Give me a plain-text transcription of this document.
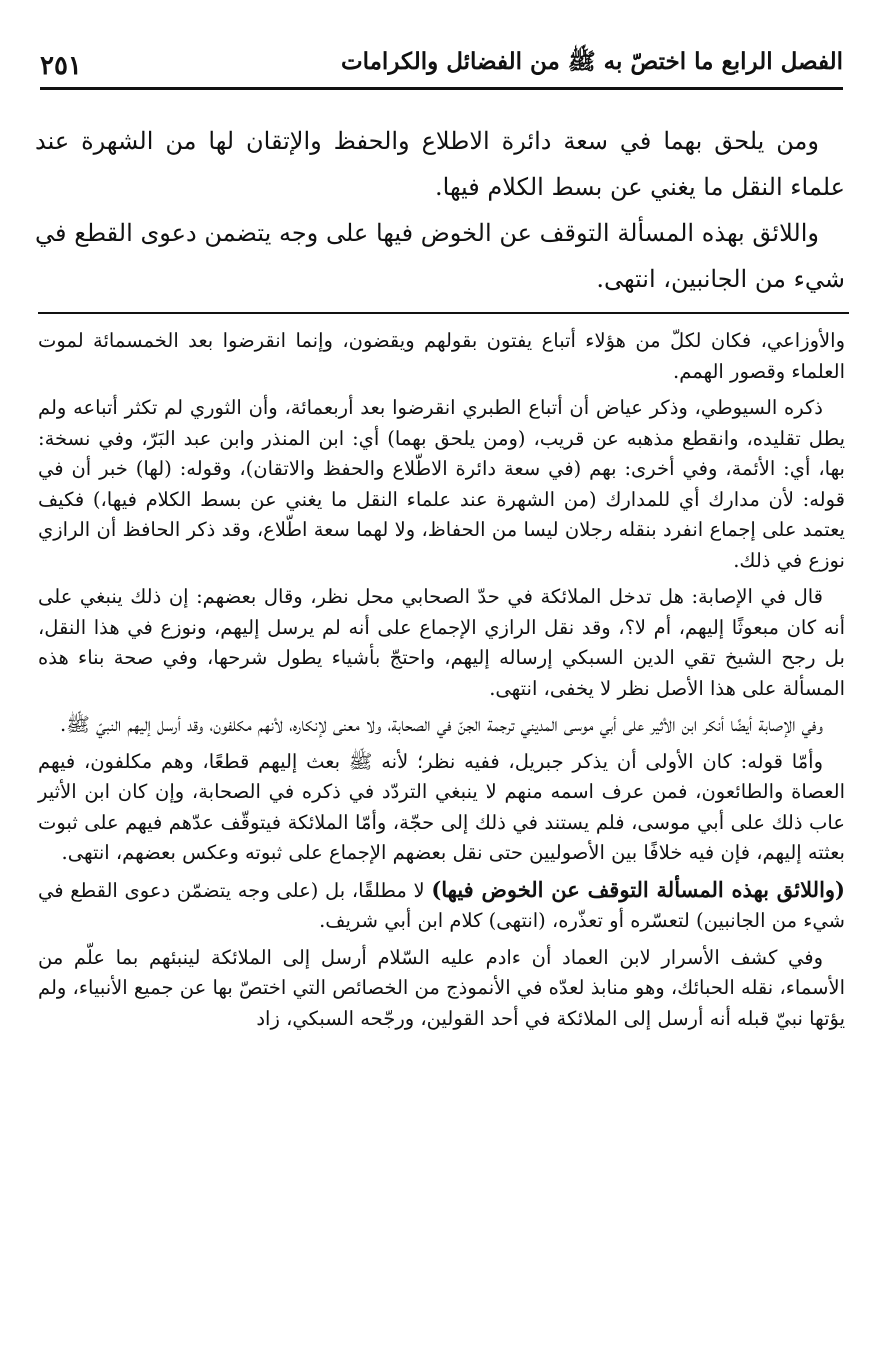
الفصل الرابع ما اختصّ به ﷺ من الفضائل والكرامات
٢٥١

ومن يلحق بهما في سعة دائرة الاطلاع والحفظ والإتقان لها من الشهرة عند علماء النقل ما يغني عن بسط الكلام فيها.

واللائق بهذه المسألة التوقف عن الخوض فيها على وجه يتضمن دعوى القطع في شيء من الجانبين، انتهى.

والأوزاعي، فكان لكلّ من هؤلاء أتباع يفتون بقولهم ويقضون، وإنما انقرضوا بعد الخمسمائة لموت العلماء وقصور الهمم.

ذكره السيوطي، وذكر عياض أن أتباع الطبري انقرضوا بعد أربعمائة، وأن الثوري لم تكثر أتباعه ولم يطل تقليده، وانقطع مذهبه عن قريب، (ومن يلحق بهما) أي: ابن المنذر وابن عبد البَرّ، وفي نسخة: بها، أي: الأئمة، وفي أخرى: بهم (في سعة دائرة الاطّلاع والحفظ والاتقان)، وقوله: (لها) خبر أن في قوله: لأن مدارك أي للمدارك (من الشهرة عند علماء النقل ما يغني عن بسط الكلام فيها،) فكيف يعتمد على إجماع انفرد بنقله رجلان ليسا من الحفاظ، ولا لهما سعة اطّلاع، وقد ذكر الحافظ أن الرازي نوزع في ذلك.

قال في الإصابة: هل تدخل الملائكة في حدّ الصحابي محل نظر، وقال بعضهم: إن ذلك ينبغي على أنه كان مبعوثًا إليهم، أم لا؟، وقد نقل الرازي الإجماع على أنه لم يرسل إليهم، ونوزع في هذا النقل، بل رجح الشيخ تقي الدين السبكي إرساله إليهم، واحتجّ بأشياء يطول شرحها، وفي صحة بناء هذه المسألة على هذا الأصل نظر لا يخفى، انتهى.

وفي الإصابة أيضًا أنكر ابن الأثير على أبي موسى المديني ترجمة الجنّ في الصحابة، ولا معنى لإنكاره، لأنهم مكلفون، وقد أرسل إليهم النبيّ ﷺ.

وأمّا قوله: كان الأولى أن يذكر جبريل، ففيه نظر؛ لأنه ﷺ بعث إليهم قطعًا، وهم مكلفون، فيهم العصاة والطائعون، فمن عرف اسمه منهم لا ينبغي التردّد في ذكره في الصحابة، وإن كان ابن الأثير عاب ذلك على أبي موسى، فلم يستند في ذلك إلى حجّة، وأمّا الملائكة فيتوقّف عدّهم فيهم على ثبوت بعثته إليهم، فإن فيه خلافًا بين الأصوليين حتى نقل بعضهم الإجماع على ثبوته وعكس بعضهم، انتهى.

(واللائق بهذه المسألة التوقف عن الخوض فيها) لا مطلقًا، بل (على وجه يتضمّن دعوى القطع في شيء من الجانبين) لتعسّره أو تعذّره، (انتهى) كلام ابن أبي شريف.

وفي كشف الأسرار لابن العماد أن ءادم عليه السّلام أرسل إلى الملائكة لينبئهم بما علّم من الأسماء، نقله الحبائك، وهو منابذ لعدّه في الأنموذج من الخصائص التي اختصّ بها عن جميع الأنبياء، ولم يؤتها نبيّ قبله أنه أرسل إلى الملائكة في أحد القولين، ورجّحه السبكي، زاد
